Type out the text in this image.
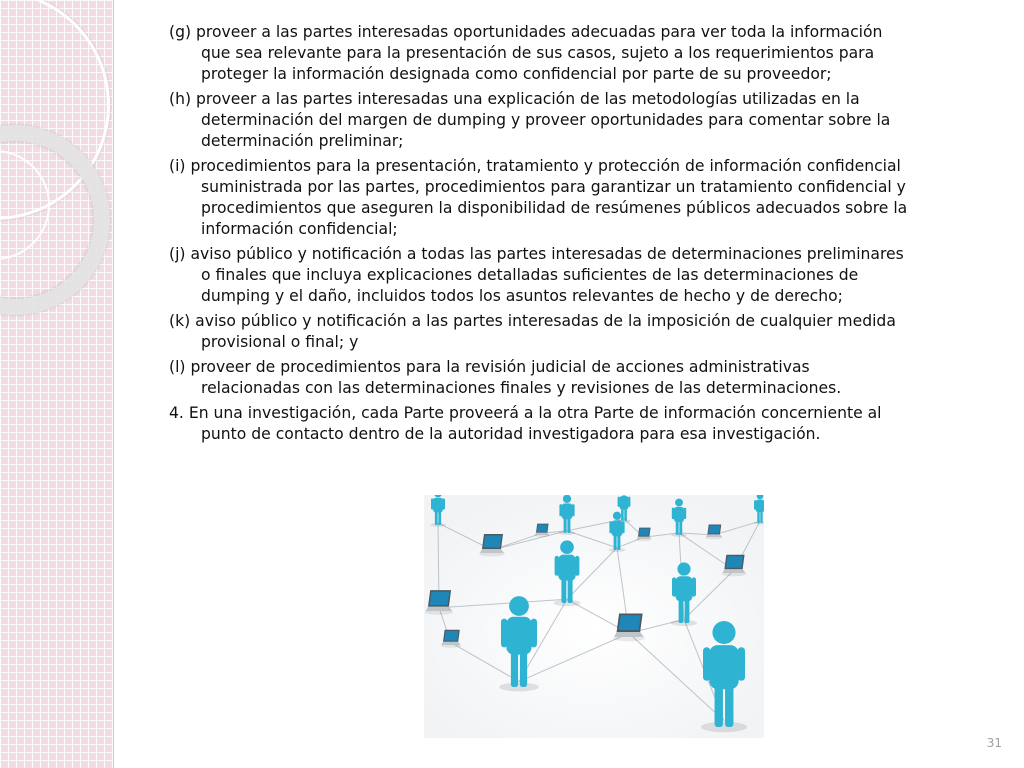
(g) proveer a las partes interesadas oportunidades adecuadas para ver toda la información
que sea relevante para la presentación de sus casos, sujeto a los requerimientos para
proteger la información designada como confidencial por parte de su proveedor;

(h) proveer a las partes interesadas una explicación de las metodologías utilizadas en la
determinación del margen de dumping y proveer oportunidades para comentar sobre la
determinación preliminar;

(i) procedimientos para la presentación, tratamiento y protección de información confidencial
suministrada por las partes, procedimientos para garantizar un tratamiento confidencial y
procedimientos que aseguren la disponibilidad de resúmenes públicos adecuados sobre la
información confidencial;

(j) aviso público y notificación a todas las partes interesadas de determinaciones preliminares
o finales que incluya explicaciones detalladas suficientes de las determinaciones de
dumping y el daño, incluidos todos los asuntos relevantes de hecho y de derecho;

(k) aviso público y notificación a las partes interesadas de la imposición de cualquier medida
provisional o final; y

(l) proveer de procedimientos para la revisión judicial de acciones administrativas
relacionadas con las determinaciones finales y revisiones de las determinaciones.

4. En una investigación, cada Parte proveerá a la otra Parte de información concerniente al
punto de contacto dentro de la autoridad investigadora para esa investigación.

31
